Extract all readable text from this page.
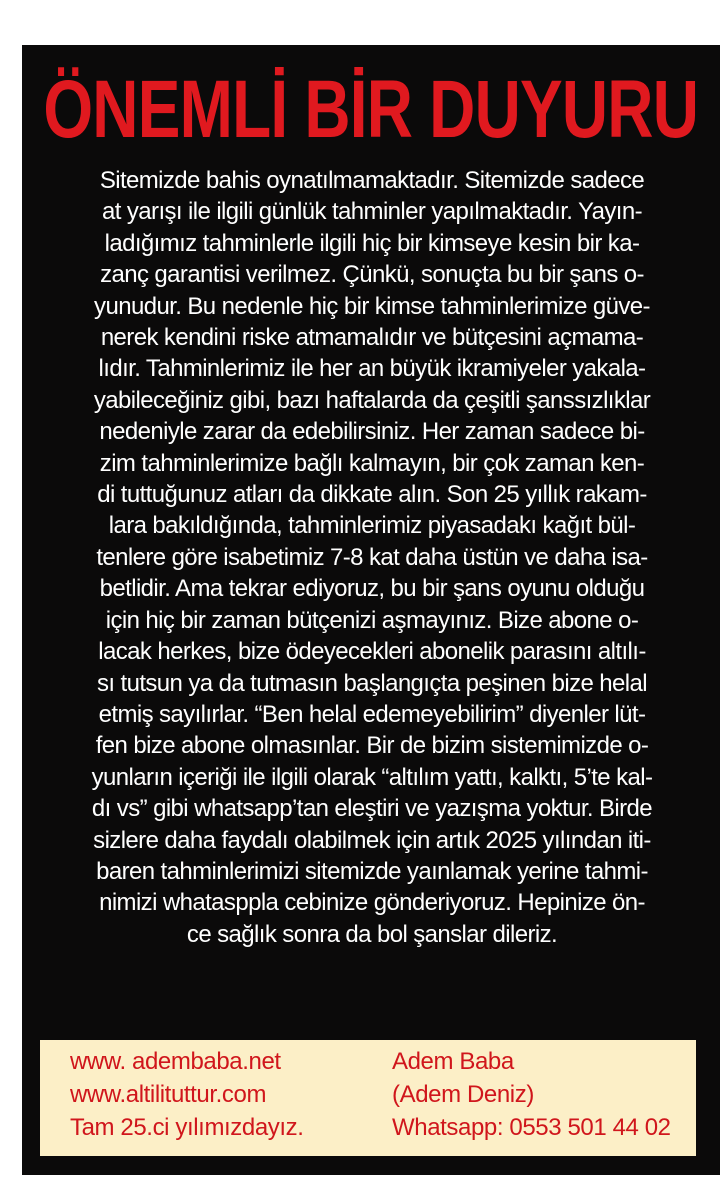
ÖNEMLİ BİR DUYURU
Sitemizde bahis oynatılmamaktadır. Sitemizde sadece
at yarışı ile ilgili günlük tahminler yapılmaktadır. Yayın-
ladığımız tahminlerle ilgili hiç bir kimseye kesin bir ka-
zanç garantisi verilmez. Çünkü, sonuçta bu bir şans o-
yunudur. Bu nedenle hiç bir kimse tahminlerimize güve-
nerek kendini riske atmamalıdır ve bütçesini açmama-
lıdır. Tahminlerimiz ile her an büyük ikramiyeler yakala-
yabileceğiniz gibi, bazı haftalarda da çeşitli şanssızlıklar
nedeniyle zarar da edebilirsiniz. Her zaman sadece bi-
zim tahminlerimize bağlı kalmayın, bir çok zaman ken-
di tuttuğunuz atları da dikkate alın. Son 25 yıllık rakam-
lara bakıldığında, tahminlerimiz piyasadakı kağıt bül-
tenlere göre isabetimiz 7-8 kat daha üstün ve daha isa-
betlidir. Ama tekrar ediyoruz, bu bir şans oyunu olduğu
için hiç bir zaman bütçenizi aşmayınız. Bize abone o-
lacak herkes, bize ödeyecekleri abonelik parasını altılı-
sı tutsun ya da tutmasın başlangıçta peşinen bize helal
etmiş sayılırlar. “Ben helal edemeyebilirim” diyenler lüt-
fen bize abone olmasınlar. Bir de bizim sistemimizde o-
yunların içeriği ile ilgili olarak “altılım yattı, kalktı, 5’te kal-
dı vs” gibi whatsapp’tan eleştiri ve yazışma yoktur. Birde
sizlere daha faydalı olabilmek için artık 2025 yılından iti-
baren tahminlerimizi sitemizde yaınlamak yerine tahmi-
nimizi whatasppla cebinize gönderiyoruz. Hepinize ön-
ce sağlık sonra da bol şanslar dileriz.
www. adembaba.net
www.altilituttur.com
Tam 25.ci yılımızdayız.
Adem Baba
(Adem Deniz)
Whatsapp: 0553 501 44 02
